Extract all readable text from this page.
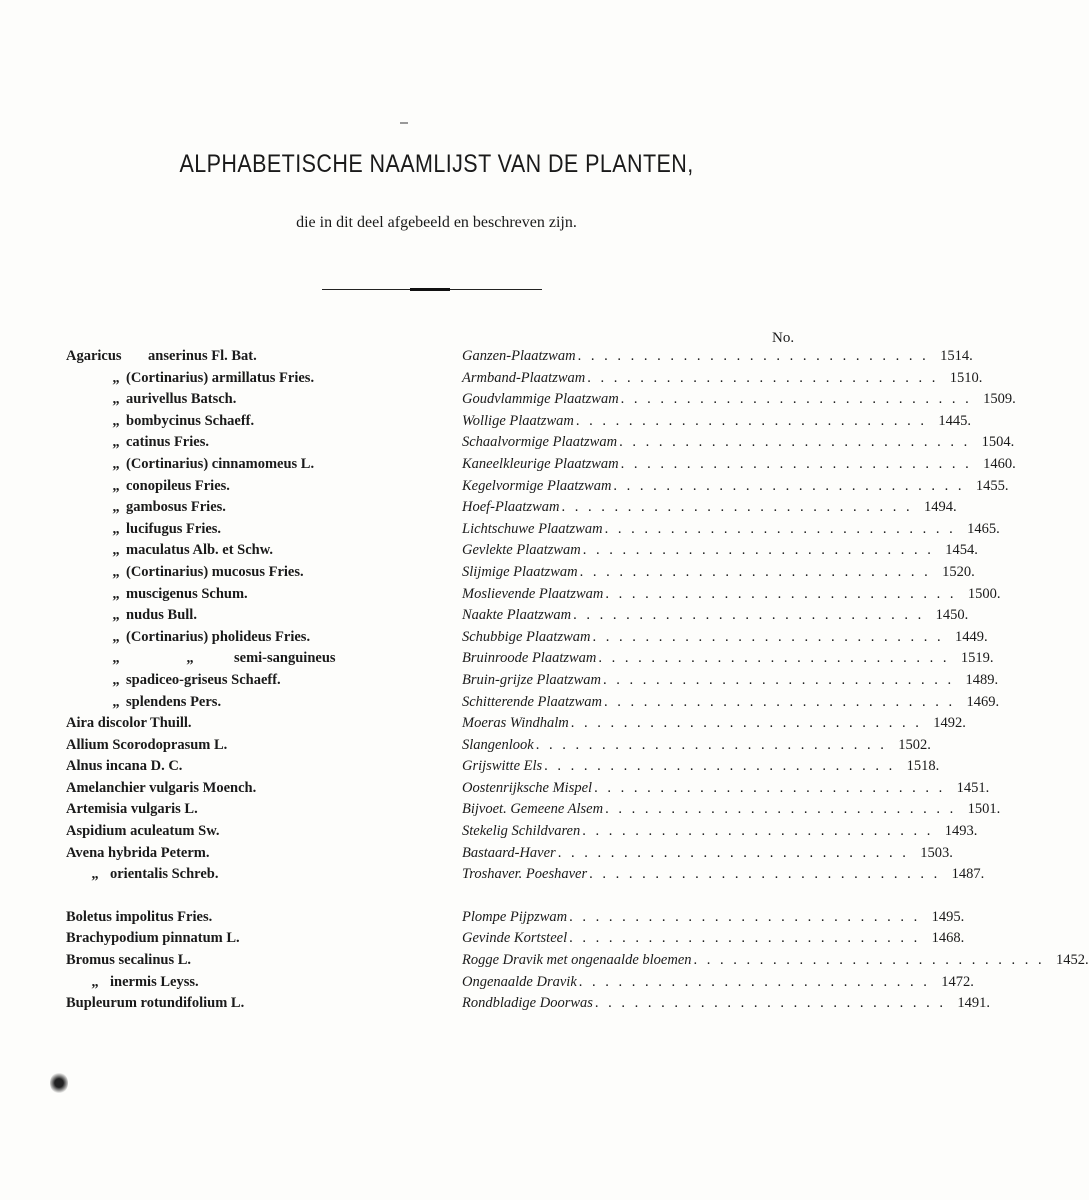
ALPHABETISCHE NAAMLIJST VAN DE PLANTEN,
die in dit deel afgebeeld en beschreven zijn.
No.
Agaricus anserinus Fl. Bat.
„ (Cortinarius) armillatus Fries.
„ aurivellus Batsch.
„ bombycinus Schaeff.
„ catinus Fries.
„ (Cortinarius) cinnamomeus L.
„ conopileus Fries.
„ gambosus Fries.
„ lucifugus Fries.
„ maculatus Alb. et Schw.
„ (Cortinarius) mucosus Fries.
„ muscigenus Schum.
„ nudus Bull.
„ (Cortinarius) pholideus Fries.
„	„	semi-sanguineus
„ spadiceo-griseus Schaeff.
„ splendens Pers.
Aira discolor Thuill.
Allium Scorodoprasum L.
Alnus incana D. C.
Amelanchier vulgaris Moench.
Artemisia vulgaris L.
Aspidium aculeatum Sw.
Avena hybrida Peterm.
„ orientalis Schreb.
Boletus impolitus Fries.
Brachypodium pinnatum L.
Bromus secalinus L.
„ inermis Leyss.
Bupleurum rotundifolium L.
Ganzen-Plaatzwam . . . . . . . . . . . . . . . . . . . . . . . . . . . 1514.
Armband-Plaatzwam . . . . . . . . . . . . . . . . . . . . . . . . . . . 1510.
Goudvlammige Plaatzwam . . . . . . . . . . . . . . . . . . . . . . . . . . . 1509.
Wollige Plaatzwam . . . . . . . . . . . . . . . . . . . . . . . . . . . 1445.
Schaalvormige Plaatzwam . . . . . . . . . . . . . . . . . . . . . . . . . . . 1504.
Kaneelkleurige Plaatzwam . . . . . . . . . . . . . . . . . . . . . . . . . . . 1460.
Kegelvormige Plaatzwam . . . . . . . . . . . . . . . . . . . . . . . . . . . 1455.
Hoef-Plaatzwam . . . . . . . . . . . . . . . . . . . . . . . . . . . 1494.
Lichtschuwe Plaatzwam . . . . . . . . . . . . . . . . . . . . . . . . . . . 1465.
Gevlekte Plaatzwam . . . . . . . . . . . . . . . . . . . . . . . . . . . 1454.
Slijmige Plaatzwam . . . . . . . . . . . . . . . . . . . . . . . . . . . 1520.
Moslievende Plaatzwam . . . . . . . . . . . . . . . . . . . . . . . . . . . 1500.
Naakte Plaatzwam . . . . . . . . . . . . . . . . . . . . . . . . . . . 1450.
Schubbige Plaatzwam . . . . . . . . . . . . . . . . . . . . . . . . . . . 1449.
Bruinroode Plaatzwam . . . . . . . . . . . . . . . . . . . . . . . . . . . 1519.
Bruin-grijze Plaatzwam . . . . . . . . . . . . . . . . . . . . . . . . . . . 1489.
Schitterende Plaatzwam . . . . . . . . . . . . . . . . . . . . . . . . . . . 1469.
Moeras Windhalm . . . . . . . . . . . . . . . . . . . . . . . . . . . 1492.
Slangenlook . . . . . . . . . . . . . . . . . . . . . . . . . . . 1502.
Grijswitte Els . . . . . . . . . . . . . . . . . . . . . . . . . . . 1518.
Oostenrijksche Mispel . . . . . . . . . . . . . . . . . . . . . . . . . . . 1451.
Bijvoet. Gemeene Alsem . . . . . . . . . . . . . . . . . . . . . . . . . . . 1501.
Stekelig Schildvaren . . . . . . . . . . . . . . . . . . . . . . . . . . . 1493.
Bastaard-Haver . . . . . . . . . . . . . . . . . . . . . . . . . . . 1503.
Troshaver. Poeshaver . . . . . . . . . . . . . . . . . . . . . . . . . . . 1487.
Plompe Pijpzwam . . . . . . . . . . . . . . . . . . . . . . . . . . . 1495.
Gevinde Kortsteel . . . . . . . . . . . . . . . . . . . . . . . . . . . 1468.
Rogge Dravik met ongenaalde bloemen . . . . . . . . . . . . . . . . . . . . . . . . . . . 1452.
Ongenaalde Dravik . . . . . . . . . . . . . . . . . . . . . . . . . . . 1472.
Rondbladige Doorwas . . . . . . . . . . . . . . . . . . . . . . . . . . . 1491.
